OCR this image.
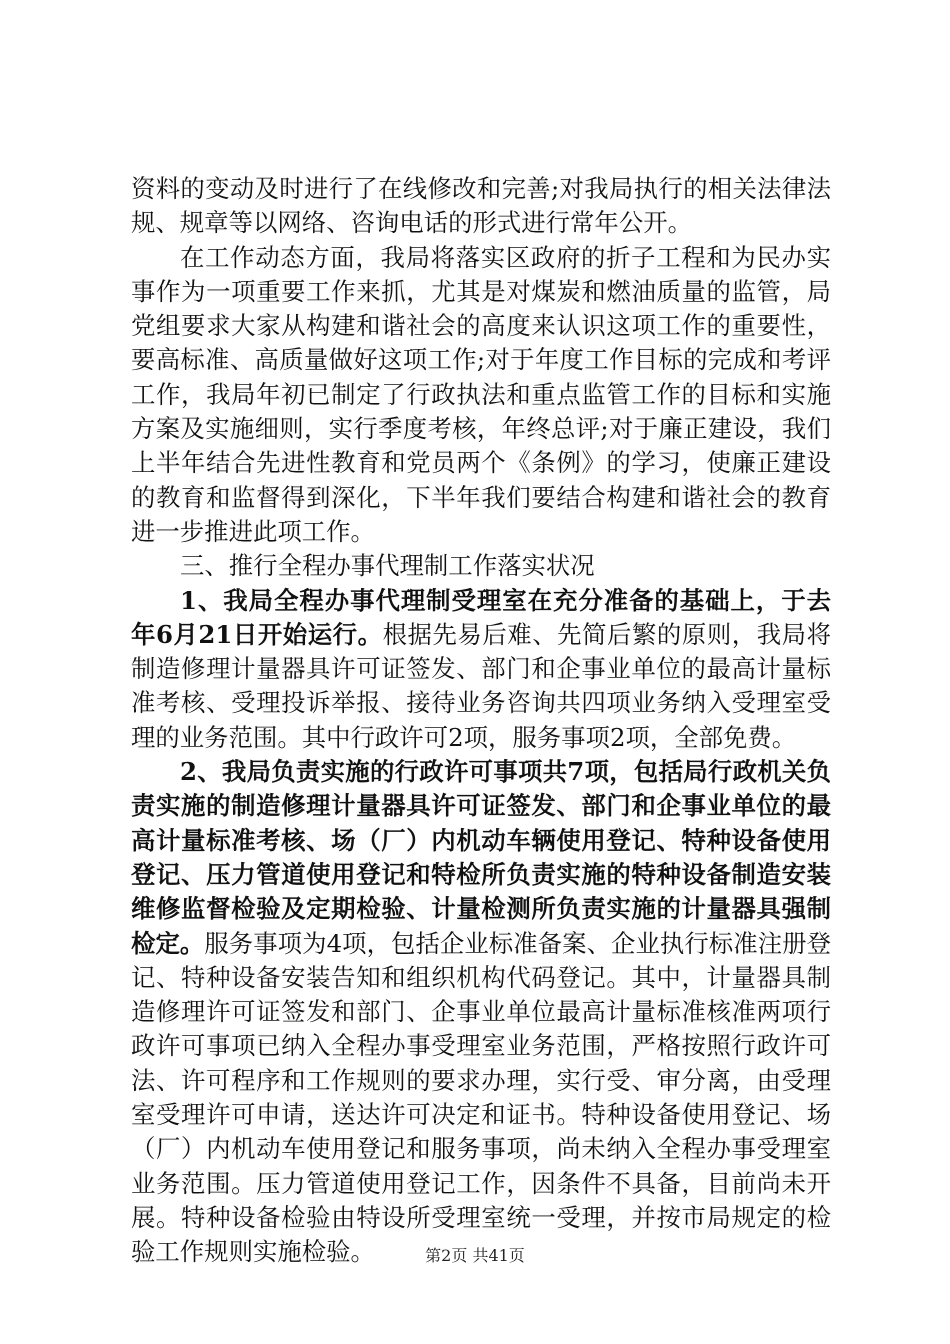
资料的变动及时进行了在线修改和完善;对我局执行的相关法律法规、规章等以网络、咨询电话的形式进行常年公开。

在工作动态方面，我局将落实区政府的折子工程和为民办实事作为一项重要工作来抓，尤其是对煤炭和燃油质量的监管，局党组要求大家从构建和谐社会的高度来认识这项工作的重要性，要高标准、高质量做好这项工作;对于年度工作目标的完成和考评工作，我局年初已制定了行政执法和重点监管工作的目标和实施方案及实施细则，实行季度考核，年终总评;对于廉正建设，我们上半年结合先进性教育和党员两个《条例》的学习，使廉正建设的教育和监督得到深化，下半年我们要结合构建和谐社会的教育进一步推进此项工作。

三、推行全程办事代理制工作落实状况

1、我局全程办事代理制受理室在充分准备的基础上，于去年6月21日开始运行。根据先易后难、先简后繁的原则，我局将制造修理计量器具许可证签发、部门和企事业单位的最高计量标准考核、受理投诉举报、接待业务咨询共四项业务纳入受理室受理的业务范围。其中行政许可2项，服务事项2项，全部免费。

2、我局负责实施的行政许可事项共7项，包括局行政机关负责实施的制造修理计量器具许可证签发、部门和企事业单位的最高计量标准考核、场（厂）内机动车辆使用登记、特种设备使用登记、压力管道使用登记和特检所负责实施的特种设备制造安装维修监督检验及定期检验、计量检测所负责实施的计量器具强制检定。服务事项为4项，包括企业标准备案、企业执行标准注册登记、特种设备安装告知和组织机构代码登记。其中，计量器具制造修理许可证签发和部门、企事业单位最高计量标准核准两项行政许可事项已纳入全程办事受理室业务范围，严格按照行政许可法、许可程序和工作规则的要求办理，实行受、审分离，由受理室受理许可申请，送达许可决定和证书。特种设备使用登记、场（厂）内机动车使用登记和服务事项，尚未纳入全程办事受理室业务范围。压力管道使用登记工作，因条件不具备，目前尚未开展。特种设备检验由特设所受理室统一受理，并按市局规定的检验工作规则实施检验。	第2页 共41页
